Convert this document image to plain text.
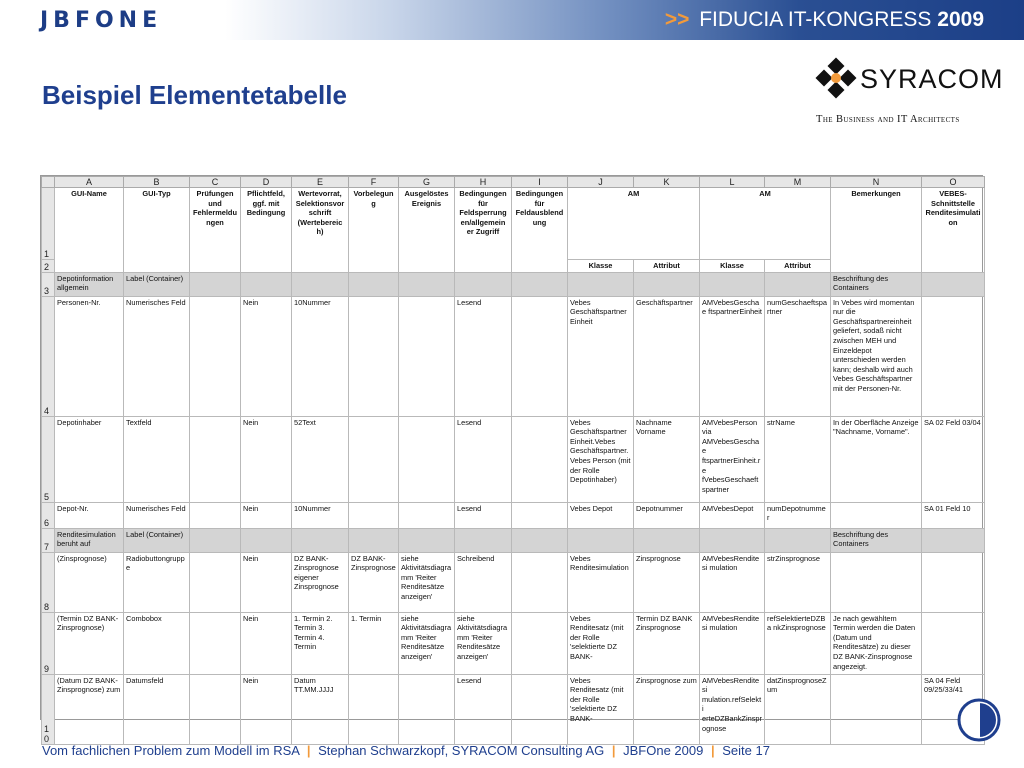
JBFONE	>> FIDUCIA IT-KONGRESS 2009
Beispiel Elementetabelle
SYRACOM
The Business and IT Architects
	A	B	C	D	E	F	G	H	I	J	K	L	M	N	O
1	GUI-Name	GUI-Typ	Prüfungen und Fehlermeldu ngen	Pflichtfeld, ggf. mit Bedingung	Wertevorrat, Selektionsvor schrift (Wertebereic h)	Vorbelegun g	Ausgelöstes Ereignis	Bedingungen für Feldsperrung en/allgemein er Zugriff	Bedingungen für Feldausblend ung	AM		AM		Bemerkungen	VEBES-Schnittstelle Renditesimulati on
2										Klasse	Attribut	Klasse	Attribut		
3	Depotinformation allgemein	Label (Container)												Beschriftung des Containers	
4	Personen-Nr.	Numerisches Feld		Nein	10Nummer			Lesend		Vebes Geschäftspartner Einheit	Geschäftspartner	AMVebesGeschae ftspartnerEinheit	numGeschaeftspa rtner	In Vebes wird momentan nur die Geschäftspartnereinheit geliefert, sodaß nicht zwischen MEH und Einzeldepot unterschieden werden kann; deshalb wird auch Vebes Geschäftspartner mit der Personen-Nr.	
5	Depotinhaber	Textfeld		Nein	52Text			Lesend		Vebes Geschäftspartner Einheit.Vebes Geschäftspartner. Vebes Person (mit der Rolle Depotinhaber)	Nachname Vorname	AMVebesPerson via AMVebesGeschae ftspartnerEinheit.re fVebesGeschaeft spartner	strName	In der Oberfläche Anzeige "Nachname, Vorname".	SA 02 Feld 03/04
6	Depot-Nr.	Numerisches Feld		Nein	10Nummer			Lesend		Vebes Depot	Depotnummer	AMVebesDepot	numDepotnummer		SA 01 Feld 10
7	Renditesimulation beruht auf	Label (Container)												Beschriftung des Containers	
8	(Zinsprognose)	Radiobuttongruppe		Nein	DZ BANK-Zinsprognose eigener Zinsprognose	DZ BANK-Zinsprognose	siehe Aktivitätsdiagra mm 'Reiter Renditesätze anzeigen'	Schreibend		Vebes Renditesimulation	Zinsprognose	AMVebesRenditesi mulation	strZinsprognose		
9	(Termin DZ BANK-Zinsprognose)	Combobox		Nein	1. Termin 2. Termin 3. Termin 4. Termin	1. Termin	siehe Aktivitätsdiagra mm 'Reiter Renditesätze anzeigen'	siehe Aktivitätsdiagra mm 'Reiter Renditesätze anzeigen'		Vebes Renditesatz (mit der Rolle 'selektierte DZ BANK-	Termin DZ BANK Zinsprognose	AMVebesRenditesi mulation	refSelektierteDZBa nkZinsprognose	Je nach gewähltem Termin werden die Daten (Datum und Renditesätze) zu dieser DZ BANK-Zinsprognose angezeigt.	
10	(Datum DZ BANK-Zinsprognose) zum	Datumsfeld		Nein	Datum TT.MM.JJJJ			Lesend		Vebes Renditesatz (mit der Rolle 'selektierte DZ BANK-	Zinsprognose zum	AMVebesRenditesi mulation.refSelekti erteDZBankZinspr ognose	datZinsprognoseZ um		SA 04 Feld 09/25/33/41
Vom fachlichen Problem zum Modell im RSA | Stephan Schwarzkopf, SYRACOM Consulting AG | JBFOne 2009 | Seite 17
